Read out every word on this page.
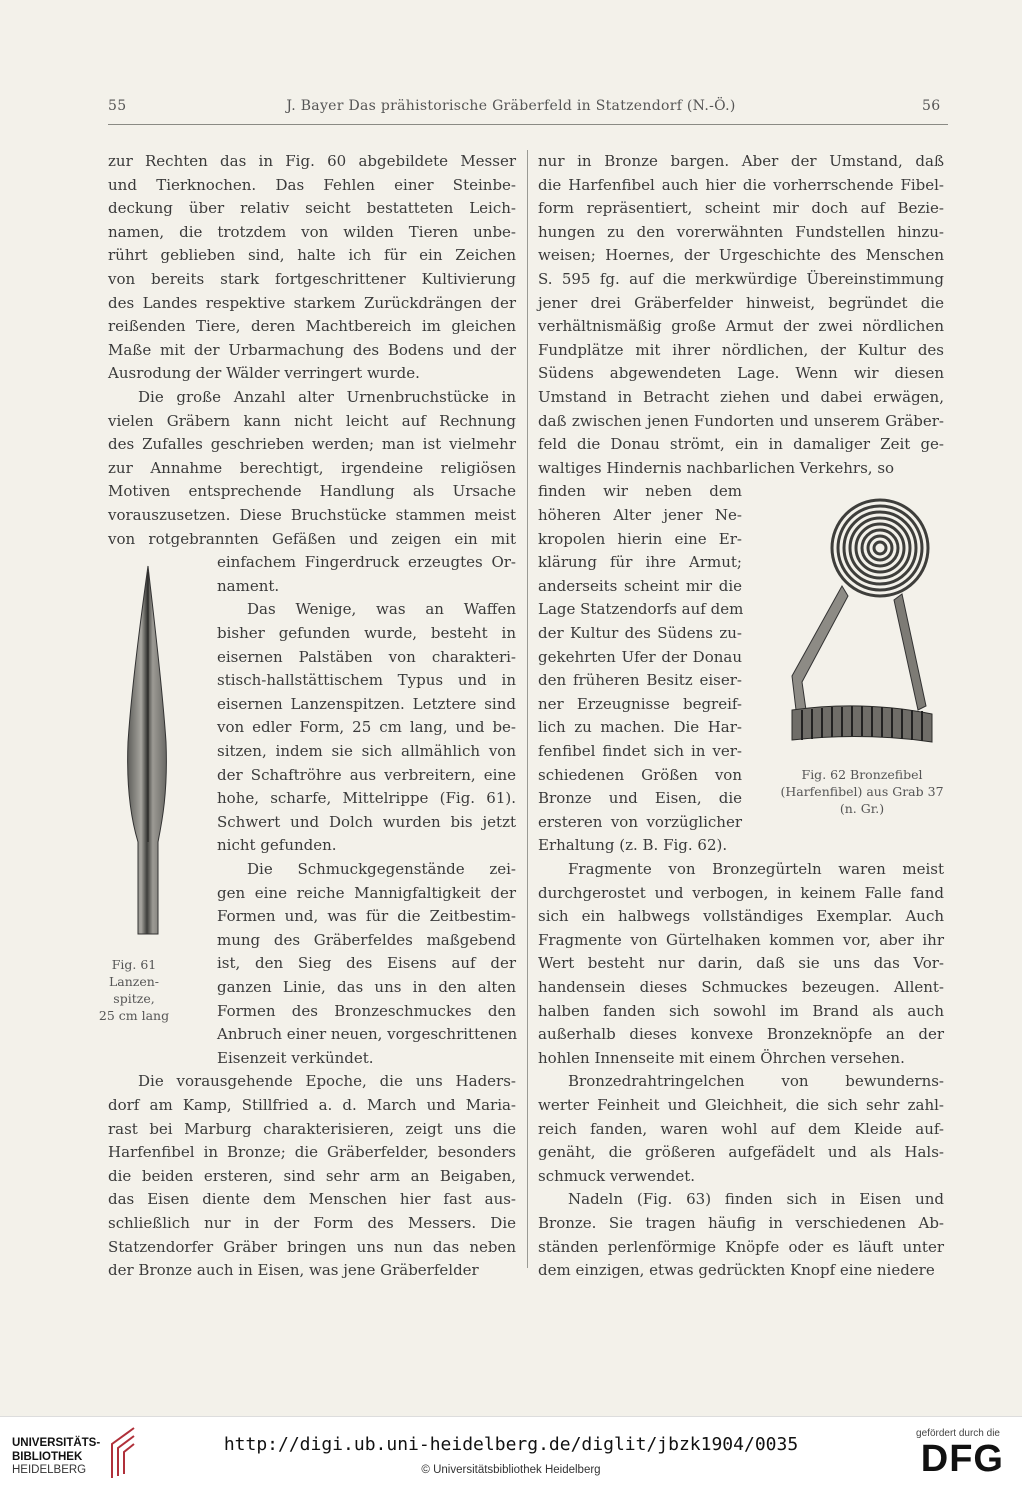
55	J. Bayer Das prähistorische Gräberfeld in Statzendorf (N.-Ö.)	56
zur Rechten das in Fig. 60 abgebildete Messer
und Tierknochen. Das Fehlen einer Steinbe-
deckung über relativ seicht bestatteten Leich-
namen, die trotzdem von wilden Tieren unbe-
rührt geblieben sind, halte ich für ein Zeichen
von bereits stark fortgeschrittener Kultivierung
des Landes respektive starkem Zurückdrängen der
reißenden Tiere, deren Machtbereich im gleichen
Maße mit der Urbarmachung des Bodens und der
Ausrodung der Wälder verringert wurde.
Die große Anzahl alter Urnenbruchstücke in
vielen Gräbern kann nicht leicht auf Rechnung
des Zufalles geschrieben werden; man ist vielmehr
zur Annahme berechtigt, irgendeine religiösen
Motiven entsprechende Handlung als Ursache
vorauszusetzen. Diese Bruchstücke stammen meist
von rotgebrannten Gefäßen und zeigen ein mit
einfachem Fingerdruck erzeugtes Or-
nament.
Das Wenige, was an Waffen
bisher gefunden wurde, besteht in
eisernen Palstäben von charakteri-
stisch-hallstättischem Typus und in
eisernen Lanzenspitzen. Letztere sind
von edler Form, 25 cm lang, und be-
sitzen, indem sie sich allmählich von
der Schaftröhre aus verbreitern, eine
hohe, scharfe, Mittelrippe (Fig. 61).
Schwert und Dolch wurden bis jetzt
nicht gefunden.
Die Schmuckgegenstände zei-
gen eine reiche Mannigfaltigkeit der
Formen und, was für die Zeitbestim-
mung des Gräberfeldes maßgebend
ist, den Sieg des Eisens auf der
ganzen Linie, das uns in den alten
Formen des Bronzeschmuckes den
Anbruch einer neuen, vorgeschrittenen
Eisenzeit verkündet.
Die vorausgehende Epoche, die uns Haders-
dorf am Kamp, Stillfried a. d. March und Maria-
rast bei Marburg charakterisieren, zeigt uns die
Harfenfibel in Bronze; die Gräberfelder, besonders
die beiden ersteren, sind sehr arm an Beigaben,
das Eisen diente dem Menschen hier fast aus-
schließlich nur in der Form des Messers. Die
Statzendorfer Gräber bringen uns nun das neben
der Bronze auch in Eisen, was jene Gräberfelder
nur in Bronze bargen. Aber der Umstand, daß
die Harfenfibel auch hier die vorherrschende Fibel-
form repräsentiert, scheint mir doch auf Bezie-
hungen zu den vorerwähnten Fundstellen hinzu-
weisen; Hoernes, der Urgeschichte des Menschen
S. 595 fg. auf die merkwürdige Übereinstimmung
jener drei Gräberfelder hinweist, begründet die
verhältnismäßig große Armut der zwei nördlichen
Fundplätze mit ihrer nördlichen, der Kultur des
Südens abgewendeten Lage. Wenn wir diesen
Umstand in Betracht ziehen und dabei erwägen,
daß zwischen jenen Fundorten und unserem Gräber-
feld die Donau strömt, ein in damaliger Zeit ge-
waltiges Hindernis nachbarlichen Verkehrs, so
finden wir neben dem
höheren Alter jener Ne-
kropolen hierin eine Er-
klärung für ihre Armut;
anderseits scheint mir die
Lage Statzendorfs auf dem
der Kultur des Südens zu-
gekehrten Ufer der Donau
den früheren Besitz eiser-
ner Erzeugnisse begreif-
lich zu machen. Die Har-
fenfibel findet sich in ver-
schiedenen Größen von
Bronze und Eisen, die
ersteren von vorzüglicher
Erhaltung (z. B. Fig. 62).
Fragmente von Bronzegürteln waren meist
durchgerostet und verbogen, in keinem Falle fand
sich ein halbwegs vollständiges Exemplar. Auch
Fragmente von Gürtelhaken kommen vor, aber ihr
Wert besteht nur darin, daß sie uns das Vor-
handensein dieses Schmuckes bezeugen. Allent-
halben fanden sich sowohl im Brand als auch
außerhalb dieses konvexe Bronzeknöpfe an der
hohlen Innenseite mit einem Öhrchen versehen.
Bronzedrahtringelchen von bewunderns-
werter Feinheit und Gleichheit, die sich sehr zahl-
reich fanden, waren wohl auf dem Kleide auf-
genäht, die größeren aufgefädelt und als Hals-
schmuck verwendet.
Nadeln (Fig. 63) finden sich in Eisen und
Bronze. Sie tragen häufig in verschiedenen Ab-
ständen perlenförmige Knöpfe oder es läuft unter
dem einzigen, etwas gedrückten Knopf eine niedere
Fig. 61
Lanzen-
spitze,
25 cm lang
Fig. 62 Bronzefibel
(Harfenfibel) aus Grab 37
(n. Gr.)
UNIVERSITÄTS-
BIBLIOTHEK
HEIDELBERG
http://digi.ub.uni-heidelberg.de/diglit/jbzk1904/0035
© Universitätsbibliothek Heidelberg
gefördert durch die
DFG
